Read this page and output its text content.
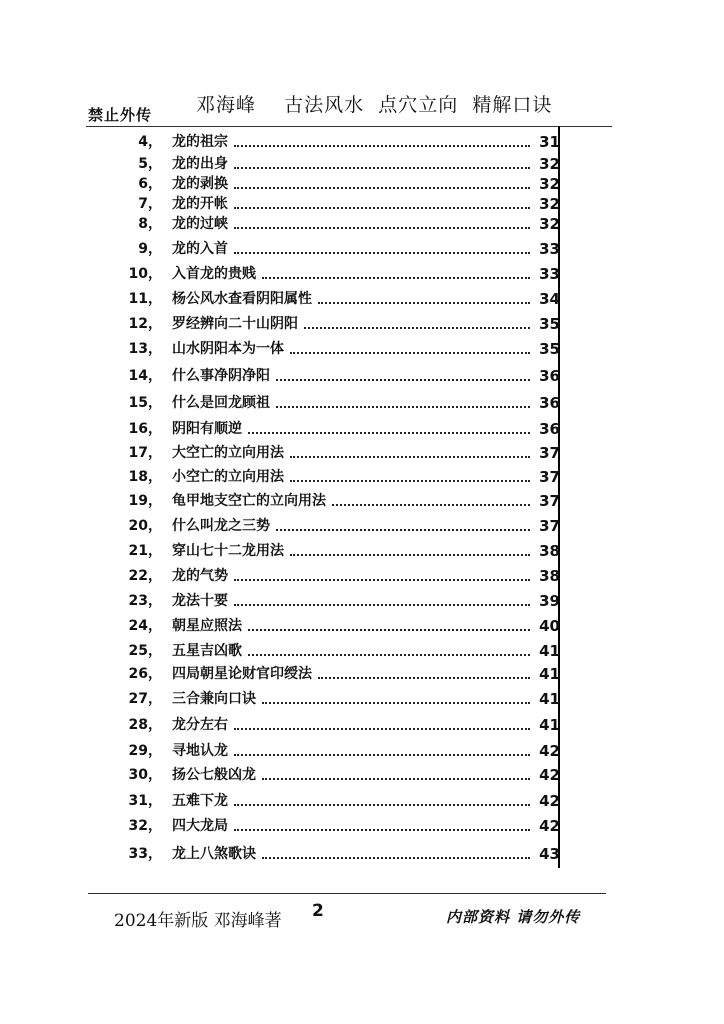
禁止外传 邓海峰    古法风水  点穴立向  精解口诀
4， 龙的祖宗	31
5， 龙的出身	32
6， 龙的剥换	32
7， 龙的开帐	32
8， 龙的过峡	32
9， 龙的入首	33
10， 入首龙的贵贱	33
11， 杨公风水查看阴阳属性	34
12， 罗经辨向二十山阴阳	35
13， 山水阴阳本为一体	35
14， 什么事净阴净阳	36
15， 什么是回龙顾祖	36
16， 阴阳有顺逆	36
17， 大空亡的立向用法	37
18， 小空亡的立向用法	37
19， 龟甲地支空亡的立向用法	37
20， 什么叫龙之三势	37
21， 穿山七十二龙用法	38
22， 龙的气势	38
23， 龙法十要	39
24， 朝星应照法	40
25， 五星吉凶歌	41
26， 四局朝星论财官印绶法	41
27， 三合兼向口诀	41
28， 龙分左右	41
29， 寻地认龙	42
30， 扬公七般凶龙	42
31， 五难下龙	42
32， 四大龙局	42
33， 龙上八煞歌诀	43
2024年新版 邓海峰著 2	内部资料 请勿外传
